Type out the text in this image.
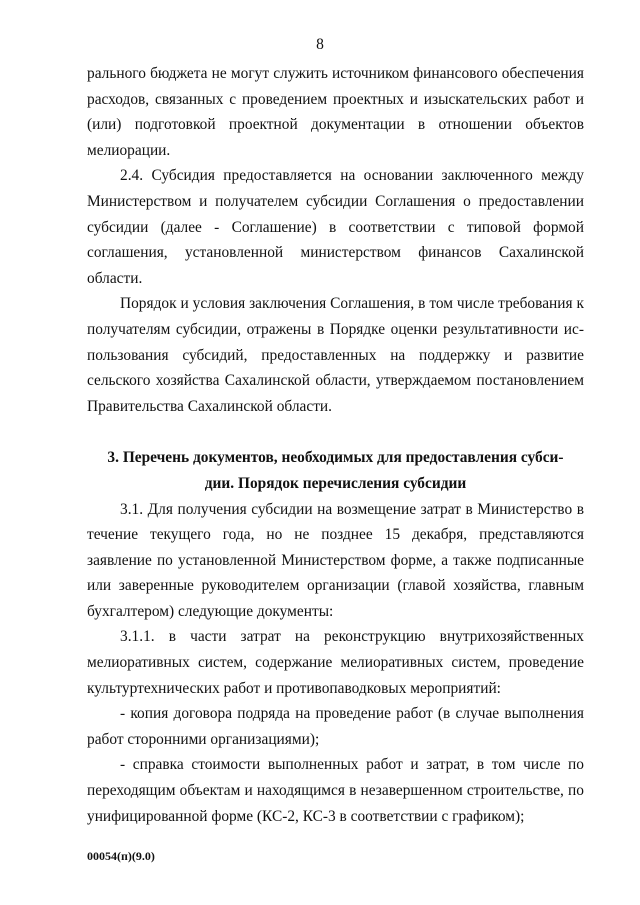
8

рального бюджета не могут служить источником финансового обеспечения расходов, связанных с проведением проектных и изыскательских работ и (или) подготовкой проектной документации в отношении объектов мелиорации.

2.4. Субсидия предоставляется на основании заключенного между Министерством и получателем субсидии Соглашения о предоставлении субсидии (далее - Соглашение) в соответствии с типовой формой соглашения, установленной министерством финансов Сахалинской области.

Порядок и условия заключения Соглашения, в том числе требования к получателям субсидии, отражены в Порядке оценки результативности использования субсидий, предоставленных на поддержку и развитие сельского хозяйства Сахалинской области, утверждаемом постановлением Правительства Сахалинской области.

3. Перечень документов, необходимых для предоставления субси-

дии. Порядок перечисления субсидии

3.1. Для получения субсидии на возмещение затрат в Министерство в течение текущего года, но не позднее 15 декабря, представляются заявление по установленной Министерством форме, а также подписанные или заверенные руководителем организации (главой хозяйства, главным бухгалтером) следующие документы:

3.1.1. в части затрат на реконструкцию внутрихозяйственных мелиоративных систем, содержание мелиоративных систем, проведение культуртехнических работ и противопаводковых мероприятий:

- копия договора подряда на проведение работ (в случае выполнения работ сторонними организациями);

- справка стоимости выполненных работ и затрат, в том числе по переходящим объектам и находящимся в незавершенном строительстве, по унифицированной форме (КС-2, КС-3 в соответствии с графиком);

00054(п)(9.0)
